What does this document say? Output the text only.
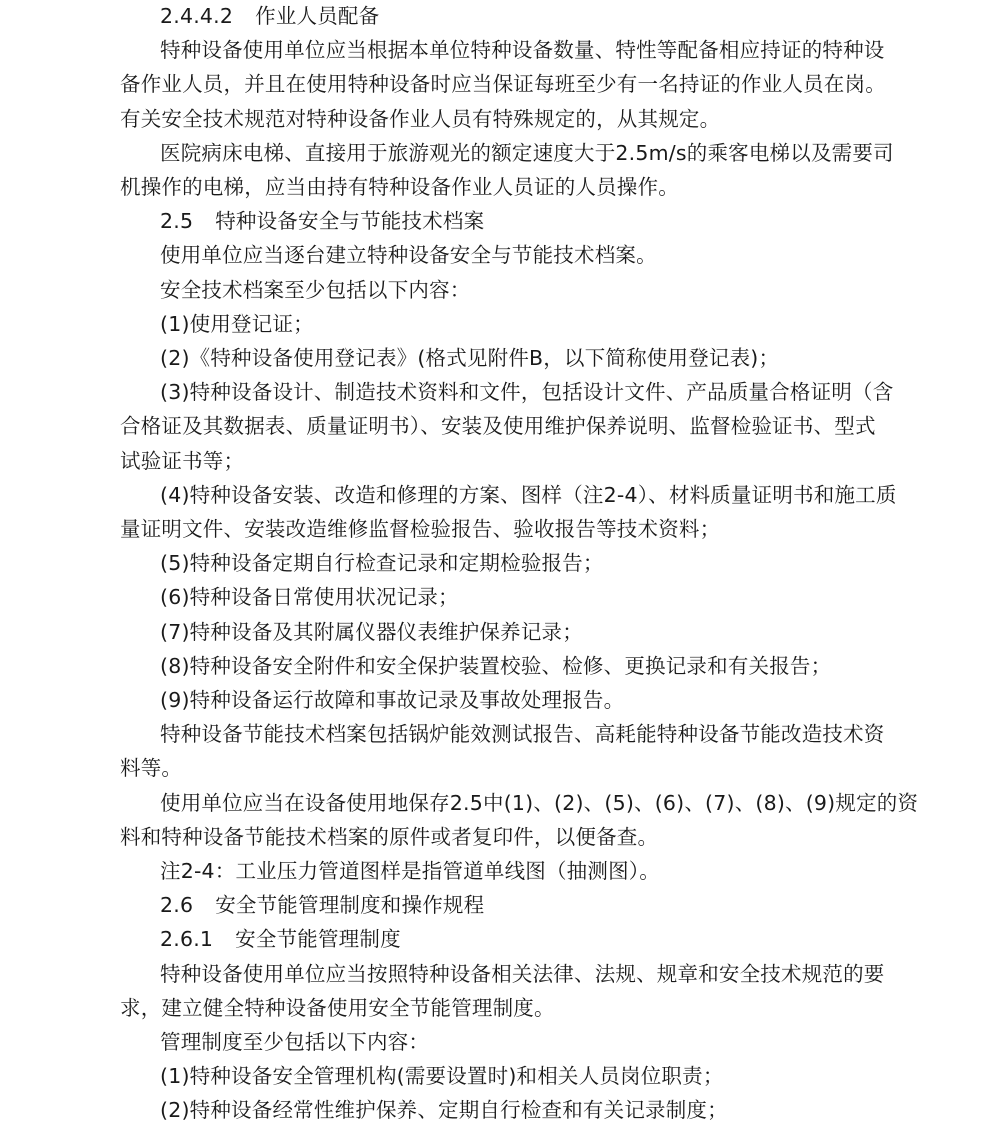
2.4.4.2 作业人员配备
特种设备使用单位应当根据本单位特种设备数量、特性等配备相应持证的特种设
备作业人员，并且在使用特种设备时应当保证每班至少有一名持证的作业人员在岗。
有关安全技术规范对特种设备作业人员有特殊规定的，从其规定。
医院病床电梯、直接用于旅游观光的额定速度大于2.5m/s的乘客电梯以及需要司
机操作的电梯，应当由持有特种设备作业人员证的人员操作。
2.5 特种设备安全与节能技术档案
使用单位应当逐台建立特种设备安全与节能技术档案。
安全技术档案至少包括以下内容：
(1)使用登记证；
(2)《特种设备使用登记表》(格式见附件B，以下简称使用登记表)；
(3)特种设备设计、制造技术资料和文件，包括设计文件、产品质量合格证明（含
合格证及其数据表、质量证明书）、安装及使用维护保养说明、监督检验证书、型式
试验证书等；
(4)特种设备安装、改造和修理的方案、图样（注2-4）、材料质量证明书和施工质
量证明文件、安装改造维修监督检验报告、验收报告等技术资料；
(5)特种设备定期自行检查记录和定期检验报告；
(6)特种设备日常使用状况记录；
(7)特种设备及其附属仪器仪表维护保养记录；
(8)特种设备安全附件和安全保护装置校验、检修、更换记录和有关报告；
(9)特种设备运行故障和事故记录及事故处理报告。
特种设备节能技术档案包括锅炉能效测试报告、高耗能特种设备节能改造技术资
料等。
使用单位应当在设备使用地保存2.5中(1)、(2)、(5)、(6)、(7)、(8)、(9)规定的资
料和特种设备节能技术档案的原件或者复印件，以便备查。
注2-4：工业压力管道图样是指管道单线图（抽测图）。
2.6 安全节能管理制度和操作规程
2.6.1 安全节能管理制度
特种设备使用单位应当按照特种设备相关法律、法规、规章和安全技术规范的要
求，建立健全特种设备使用安全节能管理制度。
管理制度至少包括以下内容：
(1)特种设备安全管理机构(需要设置时)和相关人员岗位职责；
(2)特种设备经常性维护保养、定期自行检查和有关记录制度；
